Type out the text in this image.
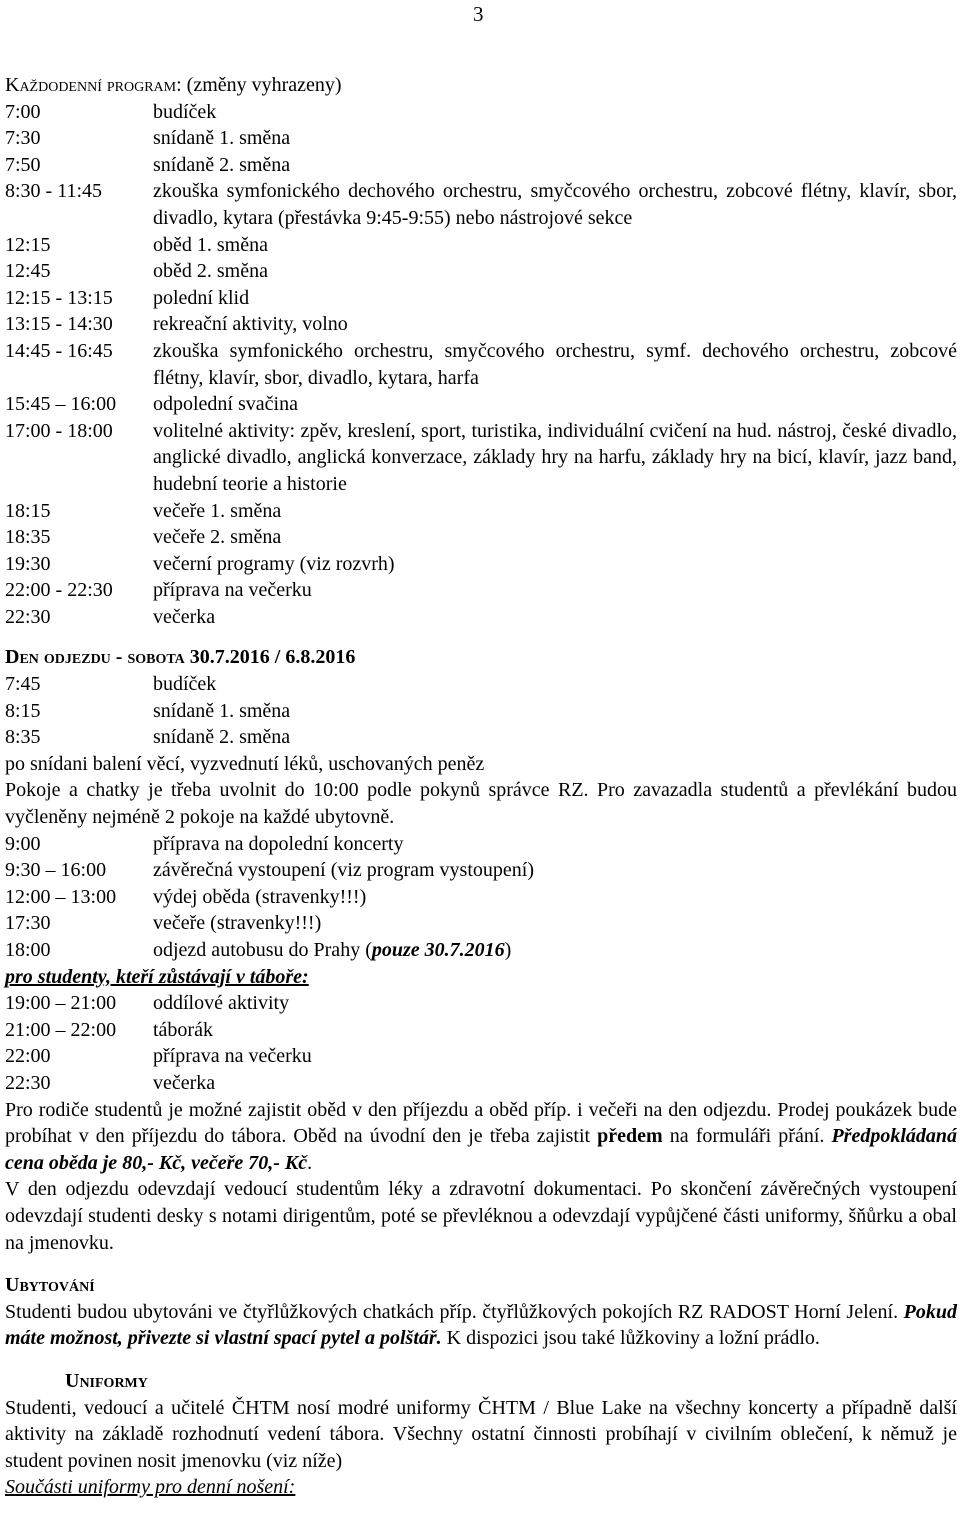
3
Každodenní program: (změny vyhrazeny)
7:00	budíček
7:30	snídaně 1. směna
7:50	snídaně 2. směna
8:30 - 11:45	zkouška symfonického dechového orchestru, smyčcového orchestru, zobcové flétny, klavír, sbor, divadlo, kytara (přestávka 9:45-9:55) nebo nástrojové sekce
12:15	oběd 1. směna
12:45	oběd 2. směna
12:15 - 13:15	polední klid
13:15 - 14:30	rekreační aktivity, volno
14:45 - 16:45	zkouška symfonického orchestru, smyčcového orchestru, symf. dechového orchestru, zobcové flétny, klavír, sbor, divadlo, kytara, harfa
15:45 – 16:00	odpolední svačina
17:00 - 18:00	volitelné aktivity: zpěv, kreslení, sport, turistika, individuální cvičení na hud. nástroj, české divadlo, anglické divadlo, anglická konverzace, základy hry na harfu, základy hry na bicí, klavír, jazz band, hudební teorie a historie
18:15	večeře 1. směna
18:35	večeře 2. směna
19:30	večerní programy (viz rozvrh)
22:00 - 22:30	příprava na večerku
22:30	večerka
Den odjezdu - sobota 30.7.2016 / 6.8.2016
7:45	budíček
8:15	snídaně 1. směna
8:35	snídaně 2. směna
po snídani balení věcí, vyzvednutí léků, uschovaných peněz
Pokoje a chatky je třeba uvolnit do 10:00 podle pokynů správce RZ. Pro zavazadla studentů a převlékání budou vyčleněny nejméně 2 pokoje na každé ubytovně.
9:00	příprava na dopolední koncerty
9:30 – 16:00	závěrečná vystoupení (viz program vystoupení)
12:00 – 13:00	výdej oběda (stravenky!!!)
17:30	večeře (stravenky!!!)
18:00	odjezd autobusu do Prahy (pouze 30.7.2016)
pro studenty, kteří zůstávají v táboře:
19:00 – 21:00	oddílové aktivity
21:00 – 22:00	táborák
22:00	příprava na večerku
22:30	večerka
Pro rodiče studentů je možné zajistit oběd v den příjezdu a oběd příp. i večeři na den odjezdu. Prodej poukázek bude probíhat v den příjezdu do tábora. Oběd na úvodní den je třeba zajistit předem na formuláři přání. Předpokládaná cena oběda je 80,- Kč, večeře 70,- Kč.
V den odjezdu odevzdají vedoucí studentům léky a zdravotní dokumentaci. Po skončení závěrečných vystoupení odevzdají studenti desky s notami dirigentům, poté se převléknou a odevzdají vypůjčené části uniformy, šňůrku a obal na jmenovku.
Ubytování
Studenti budou ubytováni ve čtyřlůžkových chatkách příp. čtyřlůžkových pokojích RZ RADOST Horní Jelení. Pokud máte možnost, přivezte si vlastní spací pytel a polštář. K dispozici jsou také lůžkoviny a ložní prádlo.
Uniformy
Studenti, vedoucí a učitelé ČHTM nosí modré uniformy ČHTM / Blue Lake na všechny koncerty a případně další aktivity na základě rozhodnutí vedení tábora. Všechny ostatní činnosti probíhají v civilním oblečení, k němuž je student povinen nosit jmenovku (viz níže)
Součásti uniformy pro denní nošení:
